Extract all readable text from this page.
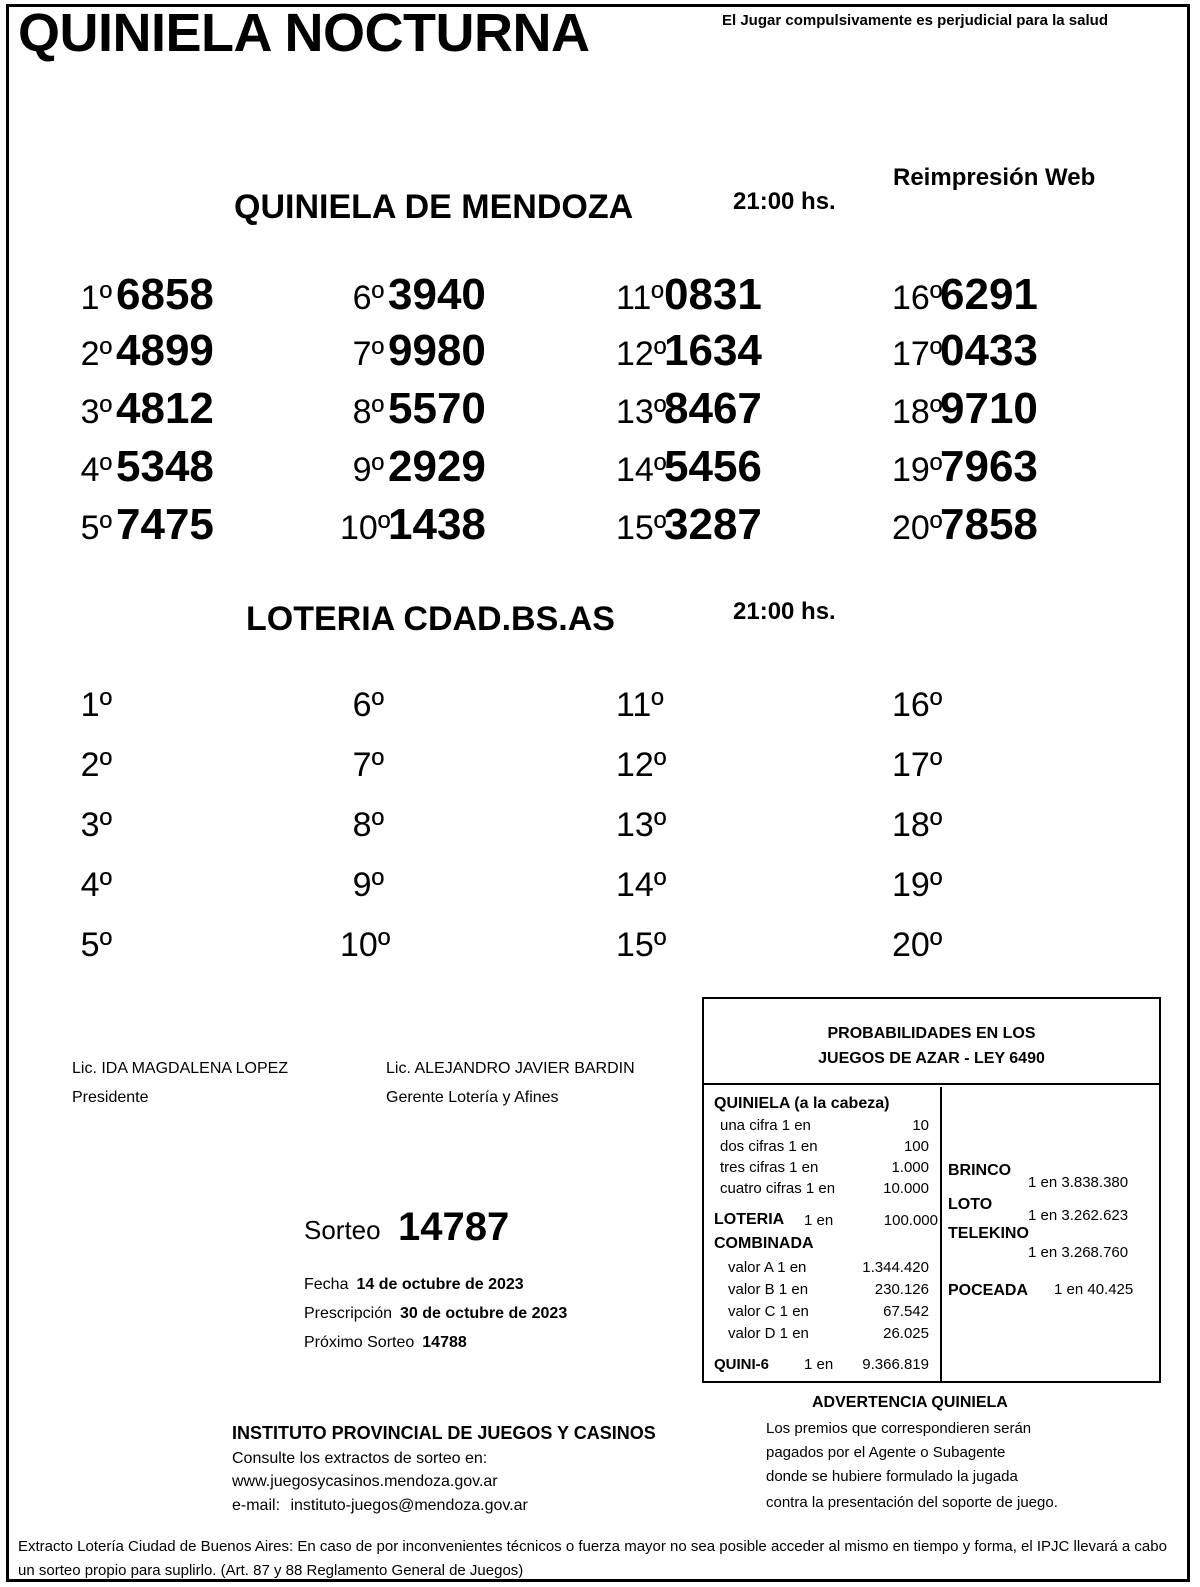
QUINIELA NOCTURNA	El Jugar compulsivamente es perjudicial para la salud
Reimpresión Web
QUINIELA DE MENDOZA	21:00 hs.
1º6858
2º4899
3º4812
4º5348
5º7475
6º3940
7º9980
8º5570
9º2929
10º1438
11º0831
12º1634
13º8467
14º5456
15º3287
16º6291
17º0433
18º9710
19º7963
20º7858
LOTERIA CDAD.BS.AS	21:00 hs.
1º
2º
3º
4º
5º
6º
7º
8º
9º
10º
11º
12º
13º
14º
15º
16º
17º
18º
19º
20º
Lic. IDA MAGDALENA LOPEZ
Presidente
Lic. ALEJANDRO JAVIER BARDIN
Gerente Lotería y Afines
Sorteo 14787
Fecha 14 de octubre de 2023
Prescripción 30 de octubre de 2023
Próximo Sorteo 14788
PROBABILIDADES EN LOS
JUEGOS DE AZAR - LEY 6490
QUINIELA (a la cabeza)
una cifra 1 en	10
dos cifras 1 en	100
tres cifras 1 en	1.000
cuatro cifras 1 en	10.000
LOTERIA 1 en	100.000
COMBINADA
valor A 1 en	1.344.420
valor B 1 en	230.126
valor C 1 en	67.542
valor D 1 en	26.025
QUINI-6 1 en	9.366.819
BRINCO
1 en 3.838.380
LOTO
1 en 3.262.623
TELEKINO
1 en 3.268.760
POCEADA 1 en 40.425
ADVERTENCIA QUINIELA
Los premios que correspondieren serán
pagados por el Agente o Subagente
donde se hubiere formulado la jugada
contra la presentación del soporte de juego.
INSTITUTO PROVINCIAL DE JUEGOS Y CASINOS
Consulte los extractos de sorteo en:
www.juegosycasinos.mendoza.gov.ar
e-mail: instituto-juegos@mendoza.gov.ar
Extracto Lotería Ciudad de Buenos Aires: En caso de por inconvenientes técnicos o fuerza mayor no sea posible acceder al mismo en tiempo y forma, el IPJC llevará a cabo un sorteo propio para suplirlo. (Art. 87 y 88 Reglamento General de Juegos)
